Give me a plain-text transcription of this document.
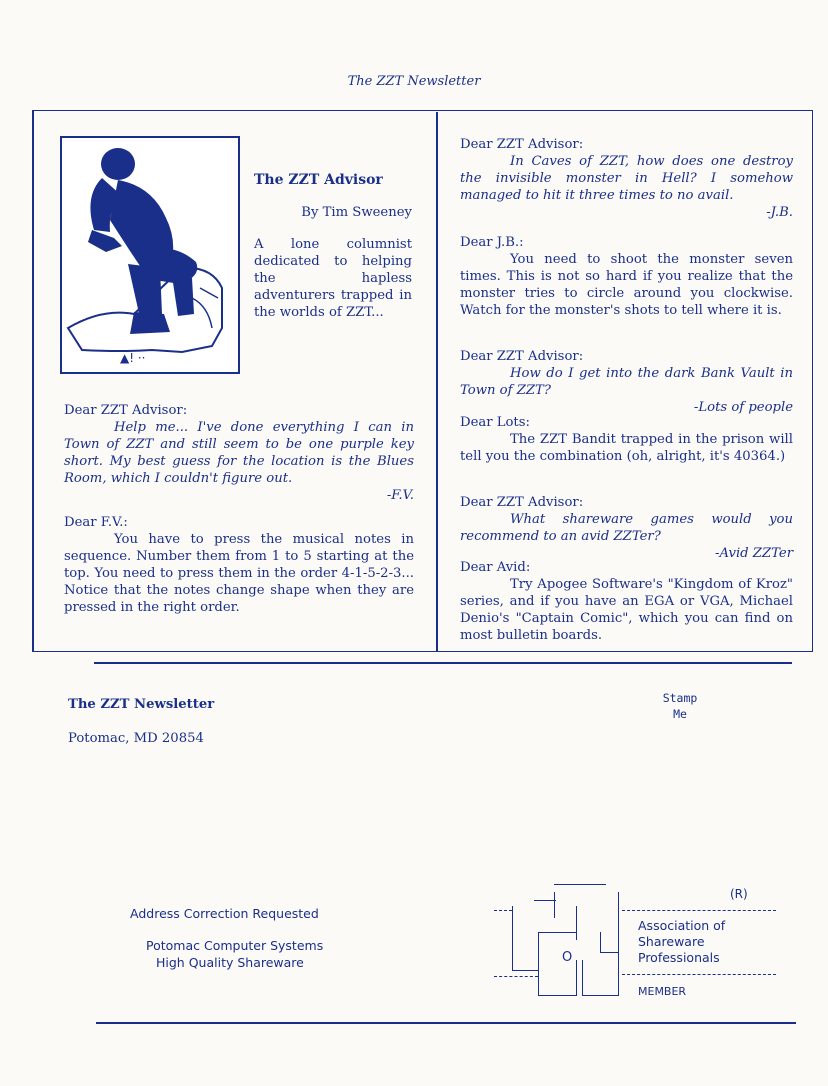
The ZZT Newsletter
▲! ··
The ZZT Advisor
By Tim Sweeney
A lone columnist dedicated to helping the hapless adventurers trapped in the worlds of ZZT...

Dear ZZT Advisor:

Help me... I've done everything I can in Town of ZZT and still seem to be one purple key short. My best guess for the location is the Blues Room, which I couldn't figure out.

-F.V.

Dear F.V.:

You have to press the musical notes in sequence. Number them from 1 to 5 starting at the top. You need to press them in the order 4-1-5-2-3... Notice that the notes change shape when they are pressed in the right order.

Dear ZZT Advisor:

In Caves of ZZT, how does one destroy the invisible monster in Hell? I somehow managed to hit it three times to no avail.

-J.B.

Dear J.B.:

You need to shoot the monster seven times. This is not so hard if you realize that the monster tries to circle around you clockwise. Watch for the monster's shots to tell where it is.

Dear ZZT Advisor:

How do I get into the dark Bank Vault in Town of ZZT?

-Lots of people

Dear Lots:

The ZZT Bandit trapped in the prison will tell you the combination (oh, alright, it's 40364.)

Dear ZZT Advisor:

What shareware games would you recommend to an avid ZZTer?

-Avid ZZTer

Dear Avid:

Try Apogee Software's "Kingdom of Kroz" series, and if you have an EGA or VGA, Michael Denio's "Captain Comic", which you can find on most bulletin boards.

The ZZT Newsletter
Potomac, MD 20854
Stamp
Me
Address Correction Requested
Potomac Computer Systems
High Quality Shareware	O
(R)
Association of
Shareware
Professionals
MEMBER
